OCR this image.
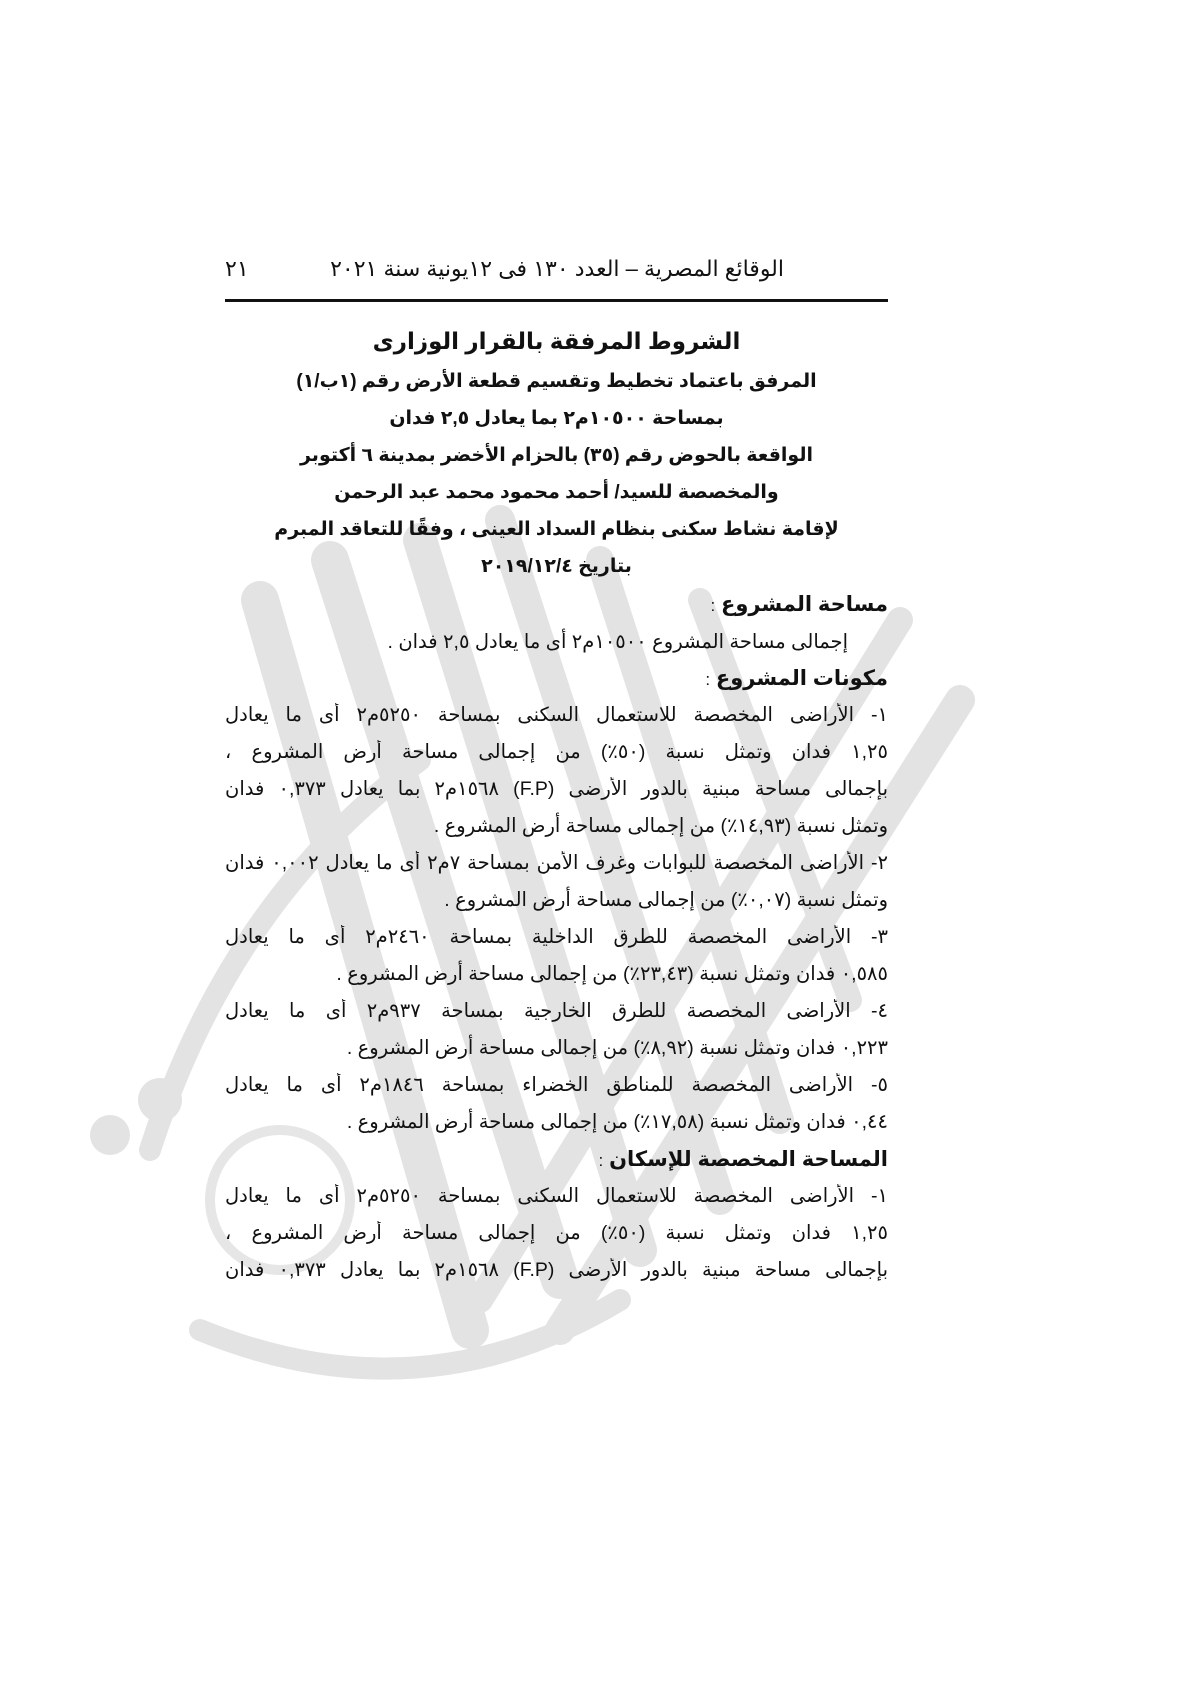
الوقائع المصرية – العدد ١٣٠ فى ١٢يونية سنة ٢٠٢١
٢١
الشروط المرفقة بالقرار الوزارى
المرفق باعتماد تخطيط وتقسيم قطعة الأرض رقم (١ب/١)
بمساحة ١٠٥٠٠م٢ بما يعادل ٢,٥ فدان
الواقعة بالحوض رقم (٣٥) بالحزام الأخضر بمدينة ٦ أكتوبر
والمخصصة للسيد/ أحمد محمود محمد عبد الرحمن
لإقامة نشاط سكنى بنظام السداد العينى ، وفقًا للتعاقد المبرم
بتاريخ ٢٠١٩/١٢/٤
مساحة المشروع :
إجمالى مساحة المشروع ١٠٥٠٠م٢ أى ما يعادل ٢,٥ فدان .
مكونات المشروع :
١- الأراضى المخصصة للاستعمال السكنى بمساحة ٥٢٥٠م٢ أى ما يعادل
١,٢٥ فدان وتمثل نسبة (٥٠٪) من إجمالى مساحة أرض المشروع ،
بإجمالى مساحة مبنية بالدور الأرضى (F.P) ١٥٦٨م٢ بما يعادل ٠,٣٧٣ فدان
وتمثل نسبة (١٤,٩٣٪) من إجمالى مساحة أرض المشروع .
٢- الأراضى المخصصة للبوابات وغرف الأمن بمساحة ٧م٢ أى ما يعادل ٠,٠٠٢ فدان
وتمثل نسبة (٠,٠٧٪) من إجمالى مساحة أرض المشروع .
٣- الأراضى المخصصة للطرق الداخلية بمساحة ٢٤٦٠م٢ أى ما يعادل
٠,٥٨٥ فدان وتمثل نسبة (٢٣,٤٣٪) من إجمالى مساحة أرض المشروع .
٤- الأراضى المخصصة للطرق الخارجية بمساحة ٩٣٧م٢ أى ما يعادل
٠,٢٢٣ فدان وتمثل نسبة (٨,٩٢٪) من إجمالى مساحة أرض المشروع .
٥- الأراضى المخصصة للمناطق الخضراء بمساحة ١٨٤٦م٢ أى ما يعادل
٠,٤٤ فدان وتمثل نسبة (١٧,٥٨٪) من إجمالى مساحة أرض المشروع .
المساحة المخصصة للإسكان :
١- الأراضى المخصصة للاستعمال السكنى بمساحة ٥٢٥٠م٢ أى ما يعادل
١,٢٥ فدان وتمثل نسبة (٥٠٪) من إجمالى مساحة أرض المشروع ،
بإجمالى مساحة مبنية بالدور الأرضى (F.P) ١٥٦٨م٢ بما يعادل ٠,٣٧٣ فدان
